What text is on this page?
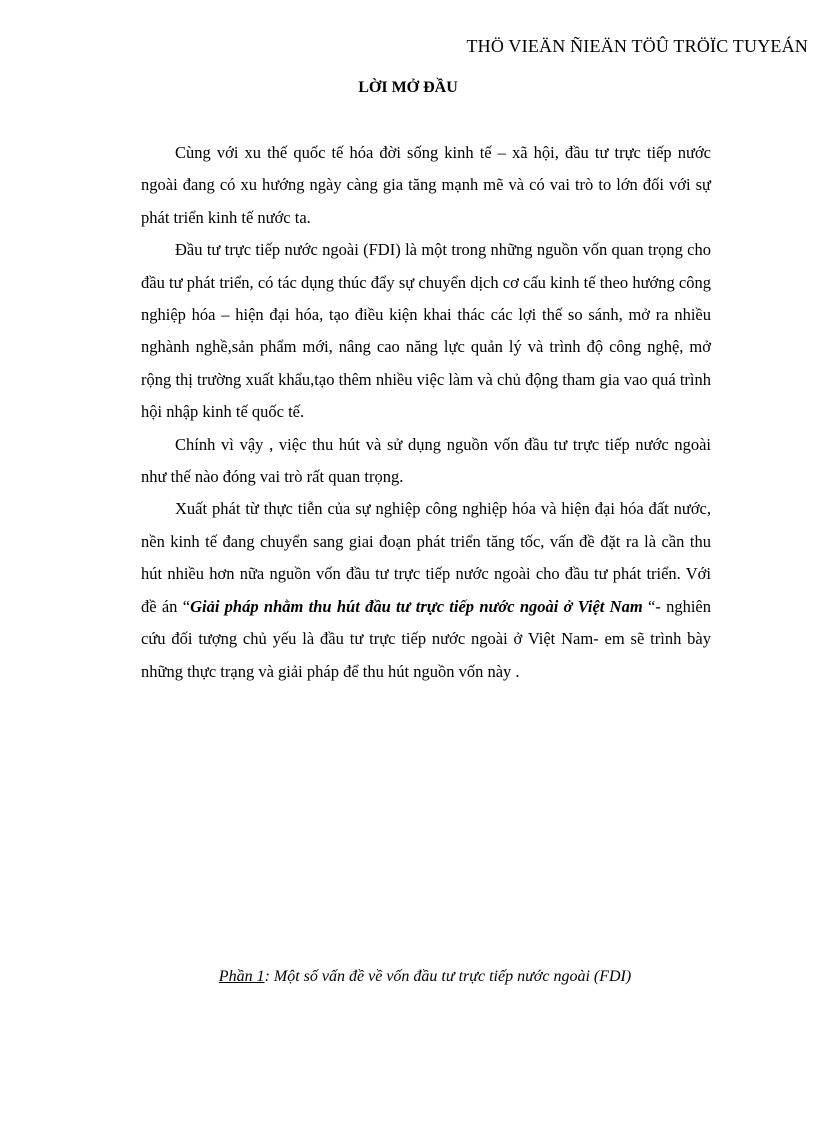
THÖ VIEÄN ÑIEÄN TÖÛ TRÖÏC TUYEÁN
LỜI MỞ ĐẦU

Cùng với xu thế quốc tế hóa đời sống kinh tế – xã hội, đầu tư trực tiếp nước ngoài đang có xu hướng ngày càng gia tăng mạnh mẽ và có vai trò to lớn đối với sự phát triển kinh tế nước ta.

Đầu tư trực tiếp nước ngoài (FDI) là một trong những nguồn vốn quan trọng cho đầu tư phát triển, có tác dụng thúc đẩy sự chuyển dịch cơ cấu kinh tế theo hướng công nghiệp hóa – hiện đại hóa, tạo điều kiện khai thác các lợi thế so sánh, mở ra nhiều nghành nghề,sản phẩm mới, nâng cao năng lực quản lý và trình độ công nghệ, mở rộng thị trường xuất khẩu,tạo thêm nhiều việc làm và chủ động tham gia vao quá trình hội nhập kinh tế quốc tế.

Chính vì vậy , việc thu hút và sử dụng nguồn vốn đầu tư trực tiếp nước ngoài như thế nào đóng vai trò rất quan trọng.

Xuất phát từ thực tiễn của sự nghiệp công nghiệp hóa và hiện đại hóa đất nước, nền kinh tế đang chuyển sang giai đoạn phát triển tăng tốc, vấn đề đặt ra là cần thu hút nhiều hơn nữa nguồn vốn đầu tư trực tiếp nước ngoài cho đầu tư phát triển. Với đề án “Giải pháp nhằm thu hút đầu tư trực tiếp nước ngoài ở Việt Nam “- nghiên cứu đối tượng chủ yếu là đầu tư trực tiếp nước ngoài ở Việt Nam- em sẽ trình bày những thực trạng và giải pháp để thu hút nguồn vốn này .

Phần 1: Một số vấn đề về vốn đầu tư trực tiếp nước ngoài (FDI)
